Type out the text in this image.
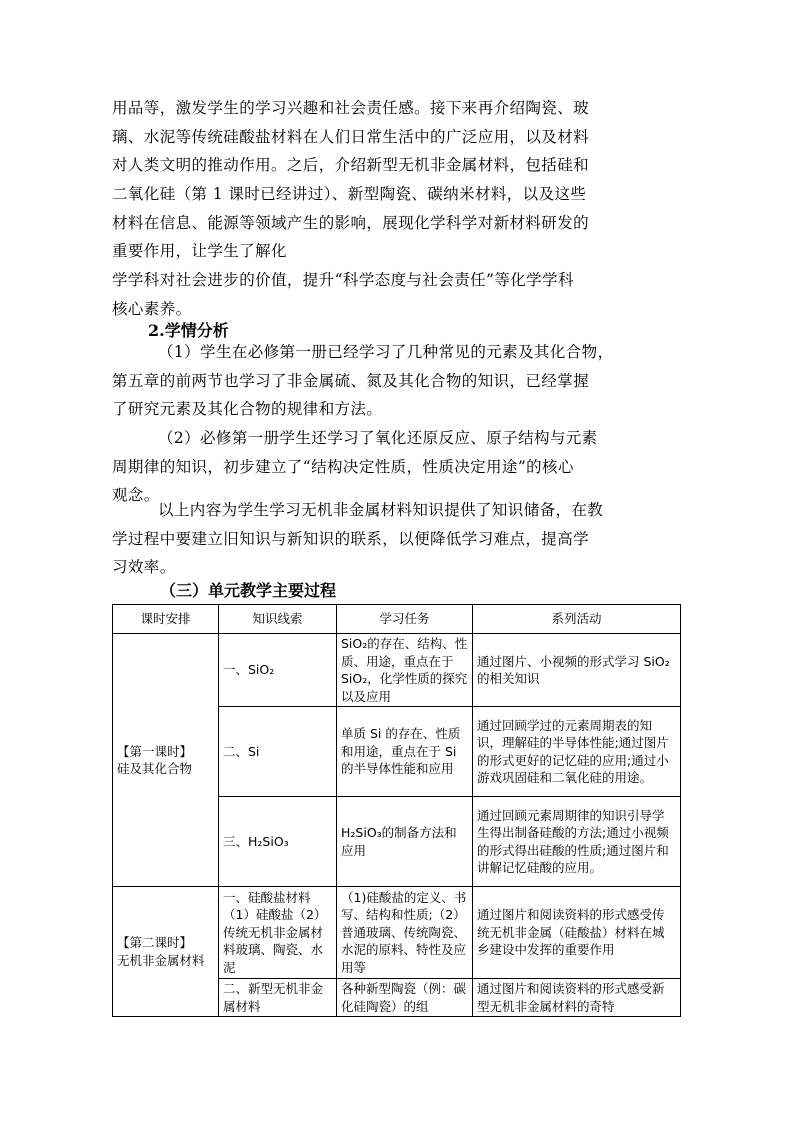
用品等，激发学生的学习兴趣和社会责任感。接下来再介绍陶瓷、玻
璃、水泥等传统硅酸盐材料在人们日常生活中的广泛应用，以及材料
对人类文明的推动作用。之后，介绍新型无机非金属材料，包括硅和
二氧化硅（第 1 课时已经讲过）、新型陶瓷、碳纳米材料，以及这些
材料在信息、能源等领域产生的影响，展现化学科学对新材料研发的
重要作用，让学生了解化
学学科对社会进步的价值，提升“科学态度与社会责任”等化学学科
核心素养。
2.学情分析
（1）学生在必修第一册已经学习了几种常见的元素及其化合物，
第五章的前两节也学习了非金属硫、氮及其化合物的知识，已经掌握
了研究元素及其化合物的规律和方法。
（2）必修第一册学生还学习了氧化还原反应、原子结构与元素
周期律的知识，初步建立了“结构决定性质，性质决定用途”的核心
观念。
以上内容为学生学习无机非金属材料知识提供了知识储备，在教
学过程中要建立旧知识与新知识的联系，以便降低学习难点，提高学
习效率。
（三）单元教学主要过程
课时安排	知识线索	学习任务	系列活动

【第一课时】
硅及其化合物	一、SiO₂	SiO₂的存在、结构、性质、用途，重点在于 SiO₂，化学性质的探究以及应用	通过图片、小视频的形式学习 SiO₂的相关知识
	二、Si	单质 Si 的存在、性质和用途，重点在于 Si 的半导体性能和应用	通过回顾学过的元素周期表的知识，理解硅的半导体性能;通过图片的形式更好的记忆硅的应用;通过小游戏巩固硅和二氧化硅的用途。
	三、H₂SiO₃	H₂SiO₃的制备方法和应用	通过回顾元素周期律的知识引导学生得出制备硅酸的方法;通过小视频的形式得出硅酸的性质;通过图片和讲解记忆硅酸的应用。

【第二课时】
无机非金属材料	一、硅酸盐材料（1）硅酸盐（2）传统无机非金属材料玻璃、陶瓷、水泥	（1)硅酸盐的定义、书写、结构和性质;（2）普通玻璃、传统陶瓷、水泥的原料、特性及应用等	通过图片和阅读资料的形式感受传统无机非金属（硅酸盐）材料在城乡建设中发挥的重要作用

	二、新型无机非金属材料	各种新型陶瓷（例：碳化硅陶瓷）的组	通过图片和阅读资料的形式感受新型无机非金属材料的奇特
